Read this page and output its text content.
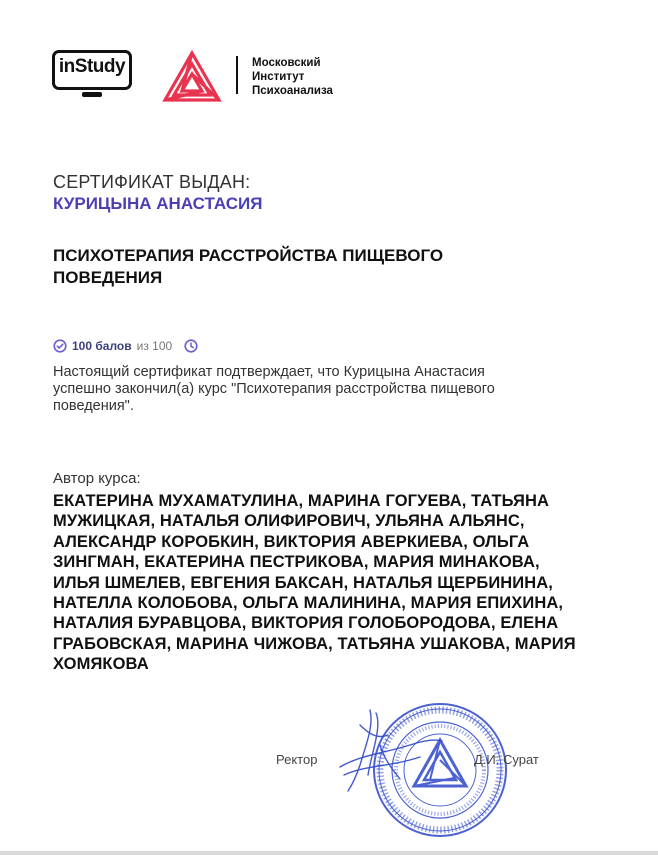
inStudy	Московский
Институт
Психоанализа
СЕРТИФИКАТ ВЫДАН:
КУРИЦЫНА АНАСТАСИЯ
ПСИХОТЕРАПИЯ РАССТРОЙСТВА ПИЩЕВОГО ПОВЕДЕНИЯ
100 балов из 100
Настоящий сертификат подтверждает, что Курицына Анастасия успешно закончил(а) курс "Психотерапия расстройства пищевого поведения".
Автор курса:
ЕКАТЕРИНА МУХАМАТУЛИНА, МАРИНА ГОГУЕВА, ТАТЬЯНА МУЖИЦКАЯ, НАТАЛЬЯ ОЛИФИРОВИЧ, УЛЬЯНА АЛЬЯНС, АЛЕКСАНДР КОРОБКИН, ВИКТОРИЯ АВЕРКИЕВА, ОЛЬГА ЗИНГМАН, ЕКАТЕРИНА ПЕСТРИКОВА, МАРИЯ МИНАКОВА, ИЛЬЯ ШМЕЛЕВ, ЕВГЕНИЯ БАКСАН, НАТАЛЬЯ ЩЕРБИНИНА, НАТЕЛЛА КОЛОБОВА, ОЛЬГА МАЛИНИНА, МАРИЯ ЕПИХИНА, НАТАЛИЯ БУРАВЦОВА, ВИКТОРИЯ ГОЛОБОРОДОВА, ЕЛЕНА ГРАБОВСКАЯ, МАРИНА ЧИЖОВА, ТАТЬЯНА УШАКОВА, МАРИЯ ХОМЯКОВА
Ректор	Д.И. Сурат
